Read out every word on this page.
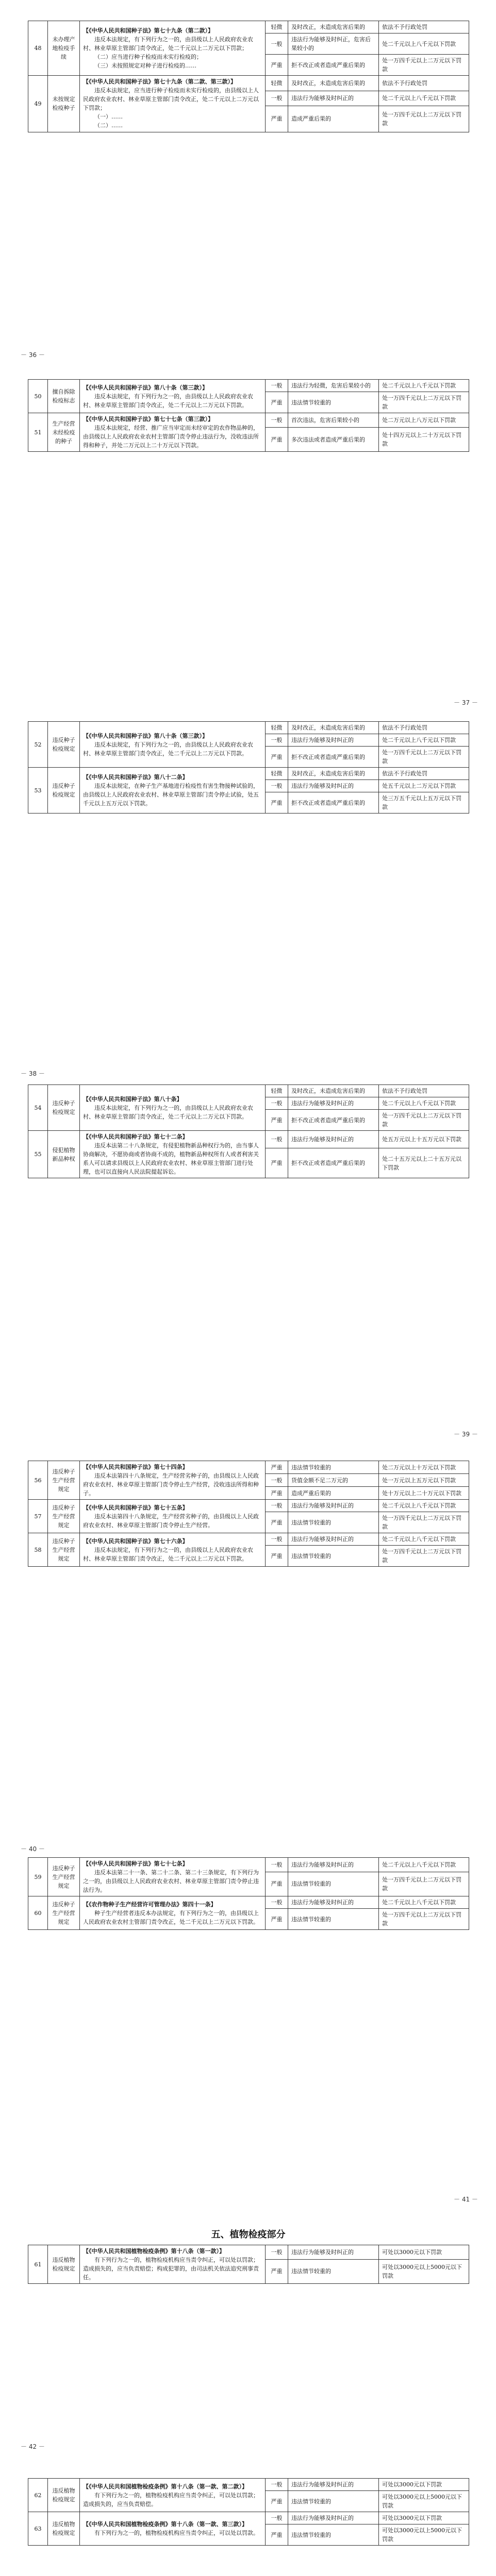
48	未办理产地检疫手续	【《中华人民共和国种子法》第七十九条（第二款）】
违反本法规定，有下列行为之一的，由县级以上人民政府农业农村、林业草原主管部门责令改正，处二千元以上二万元以下罚款；
（二）应当进行种子检疫而未实行检疫的；
（三）未按照规定对种子进行检疫的……	轻微	及时改正，未造成危害后果的	依法不予行政处罚
			一般	违法行为能够及时纠正，危害后果较小的	处二千元以上八千元以下罚款
			严重	拒不改正或者造成严重后果的	处一万四千元以上二万元以下罚款
49	未按规定检疫种子	【《中华人民共和国种子法》第七十九条（第二款、第三款）】
违反本法规定，应当进行种子检疫而未实行检疫的，由县级以上人民政府农业农村、林业草原主管部门责令改正，处二千元以上二万元以下罚款；
（一）……
（二）……	轻微	及时改正，未造成危害后果的	依法不予行政处罚
			一般	违法行为能够及时纠正的	处二千元以上八千元以下罚款
			严重	造成严重后果的	处一万四千元以上二万元以下罚款
50	擅自拆除检疫标志	【《中华人民共和国种子法》第八十条（第三款）】
违反本法规定，有下列行为之一的，由县级以上人民政府农业农村、林业草原主管部门责令改正，处二千元以上二万元以下罚款。	一般	违法行为轻微，危害后果较小的	处二千元以上八千元以下罚款
			严重	违法情节较重的	处一万四千元以上二万元以下罚款
51	生产经营未经检疫的种子	【《中华人民共和国种子法》第七十七条（第三款）】
违反本法规定，经营、推广应当审定而未经审定的农作物品种的，由县级以上人民政府农业农村主管部门责令停止违法行为，没收违法所得和种子，并处二万元以上二十万元以下罚款。	一般	首次违法，危害后果较小的	处二万元以上八万元以下罚款
			严重	多次违法或者造成严重后果的	处十四万元以上二十万元以下罚款
－ 36 －
52	违反种子检疫规定	【《中华人民共和国种子法》第八十条（第三款）】
违反本法规定，有下列行为之一的，由县级以上人民政府农业农村、林业草原主管部门责令改正，处二千元以上二万元以下罚款。	轻微	及时改正，未造成危害后果的	依法不予行政处罚
			一般	违法行为能够及时纠正的	处二千元以上八千元以下罚款
			严重	拒不改正或者造成严重后果的	处一万四千元以上二万元以下罚款
53	违反种子检疫规定	【《中华人民共和国种子法》第八十二条】
违反本法规定，在种子生产基地进行检疫性有害生物接种试验的，由县级以上人民政府农业农村、林业草原主管部门责令停止试验，处五千元以上五万元以下罚款。	轻微	及时改正，未造成危害后果的	依法不予行政处罚
			一般	违法行为能够及时纠正的	处五千元以上二万元以下罚款
			严重	拒不改正或者造成严重后果的	处三万五千元以上五万元以下罚款
－ 37 －
54	违反种子检疫规定	【《中华人民共和国种子法》第八十条】
违反本法规定，有下列行为之一的，由县级以上人民政府农业农村、林业草原主管部门责令改正，处二千元以上二万元以下罚款。	轻微	及时改正，未造成危害后果的	依法不予行政处罚
			一般	违法行为能够及时纠正的	处二千元以上八千元以下罚款
			严重	拒不改正或者造成严重后果的	处一万四千元以上二万元以下罚款
55	侵犯植物新品种权	【《中华人民共和国种子法》第七十二条】
违反本法第二十八条规定，有侵犯植物新品种权行为的，由当事人协商解决，不愿协商或者协商不成的，植物新品种权所有人或者利害关系人可以请求县级以上人民政府农业农村、林业草原主管部门进行处理，也可以直接向人民法院提起诉讼。	一般	违法行为能够及时纠正的	处五万元以上十五万元以下罚款
			严重	拒不改正或者造成严重后果的	处二十五万元以上二十五万元以下罚款
－ 38 －
56	违反种子生产经营规定	【《中华人民共和国种子法》第七十四条】
违反本法第四十八条规定，生产经营劣种子的，由县级以上人民政府农业农村、林业草原主管部门责令停止生产经营，没收违法所得和种子。	严重	违法情节较重的	处二万元以上十万元以下罚款
			一般	货值金额不足二万元的	处一万元以上五万元以下罚款
			严重	造成严重后果的	处十万元以上二十万元以下罚款
57	违反种子生产经营规定	【《中华人民共和国种子法》第七十五条】
违反本法第四十八条规定，生产经营劣种子的，由县级以上人民政府农业农村、林业草原主管部门责令停止生产经营。	一般	违法行为能够及时纠正的	处二千元以上八千元以下罚款
			严重	违法情节较重的	处一万四千元以上二万元以下罚款
58	违反种子生产经营规定	【《中华人民共和国种子法》第七十六条】
违反本法规定，有下列行为之一的，由县级以上人民政府农业农村、林业草原主管部门责令改正，处二千元以上二万元以下罚款。	一般	违法行为能够及时纠正的	处二千元以上八千元以下罚款
			严重	违法情节较重的	处一万四千元以上二万元以下罚款
－ 39 －
59	违反种子生产经营规定	【《中华人民共和国种子法》第七十七条】
违反本法第二十一条、第二十二条、第二十三条规定，有下列行为之一的，由县级以上人民政府农业农村、林业草原主管部门责令停止违法行为。	一般	违法行为能够及时纠正的	处二千元以上八千元以下罚款
			严重	违法情节较重的	处一万四千元以上二万元以下罚款
60	违反种子生产经营规定	【《农作物种子生产经营许可管理办法》第四十一条】
种子生产经营者违反本办法规定，有下列行为之一的，由县级以上人民政府农业农村主管部门责令改正，处二千元以上二万元以下罚款。	一般	违法行为能够及时纠正的	处二千元以上八千元以下罚款
			严重	违法情节较重的	处一万四千元以上二万元以下罚款
－ 40 －
五、植物检疫部分
61	违反植物检疫规定	【《中华人民共和国植物检疫条例》第十八条（第一款）】
有下列行为之一的，植物检疫机构应当责令纠正，可以处以罚款；造成损失的，应当负责赔偿；构成犯罪的，由司法机关依法追究刑事责任。	一般	违法行为能够及时纠正的	可处以3000元以下罚款
			严重	违法情节较重的	可处以3000元以上5000元以下罚款
－ 41 －
62	违反植物检疫规定	【《中华人民共和国植物检疫条例》第十八条（第一款、第二款）】
有下列行为之一的，植物检疫机构应当责令纠正，可以处以罚款；造成损失的，应当负责赔偿。	一般	违法行为能够及时纠正的	可处以3000元以下罚款
			严重	违法情节较重的	可处以3000元以上5000元以下罚款
63	违反植物检疫规定	【《中华人民共和国植物检疫条例》第十八条（第一款、第三款）】
有下列行为之一的，植物检疫机构应当责令纠正，可以处以罚款。	一般	违法行为能够及时纠正的	可处以3000元以下罚款
			严重	违法情节较重的	可处以3000元以上5000元以下罚款
－ 42 －
